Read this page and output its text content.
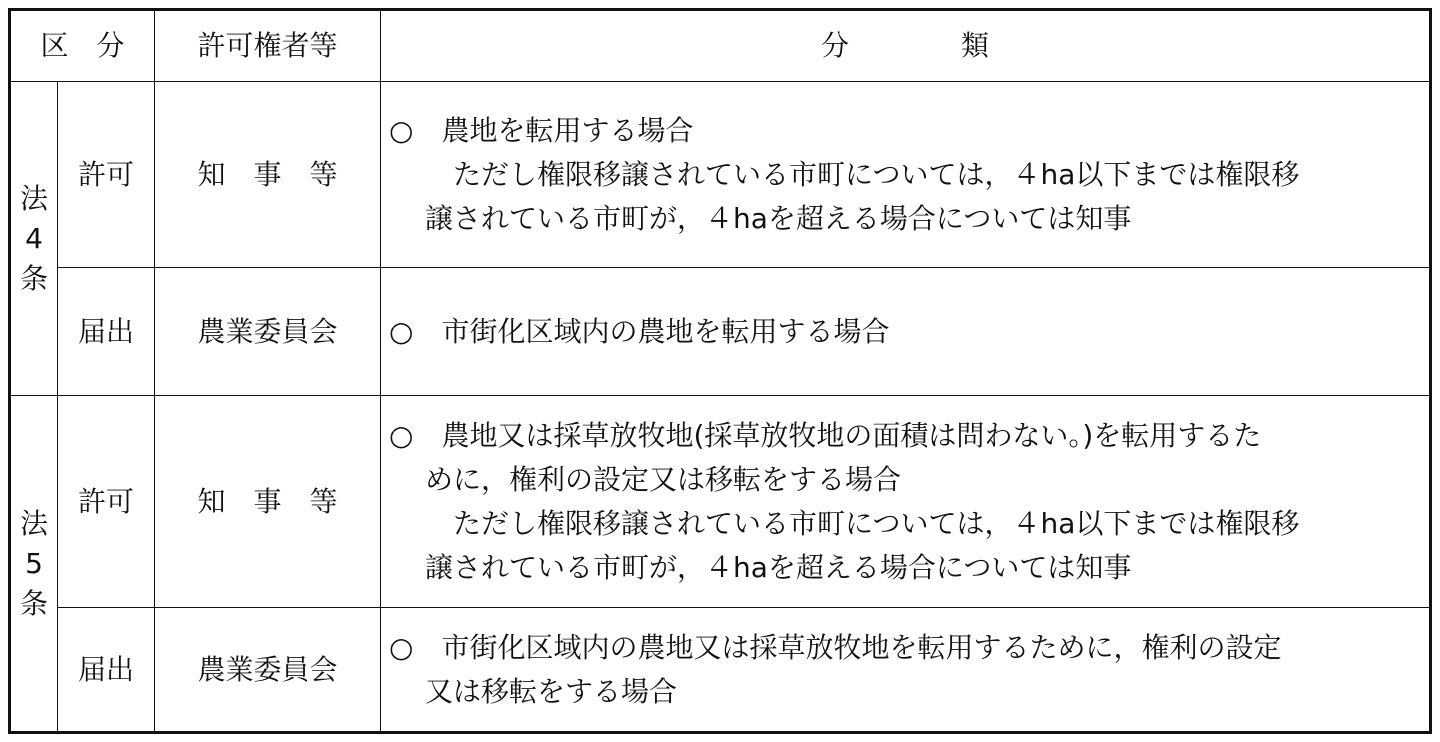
区　分		許可権者等	分　　　　類

法
4
条	許可	知　事　等	○　農地を転用する場合
ただし権限移譲されている市町については，４ha以下までは権限移
譲されている市町が，４haを超える場合については知事

	届出	農業委員会	○　市街化区域内の農地を転用する場合

法
5
条	許可	知　事　等	○　農地又は採草放牧地(採草放牧地の面積は問わない。)を転用するた
めに，権利の設定又は移転をする場合
ただし権限移譲されている市町については，４ha以下までは権限移
譲されている市町が，４haを超える場合については知事

	届出	農業委員会	○　市街化区域内の農地又は採草放牧地を転用するために，権利の設定
又は移転をする場合
